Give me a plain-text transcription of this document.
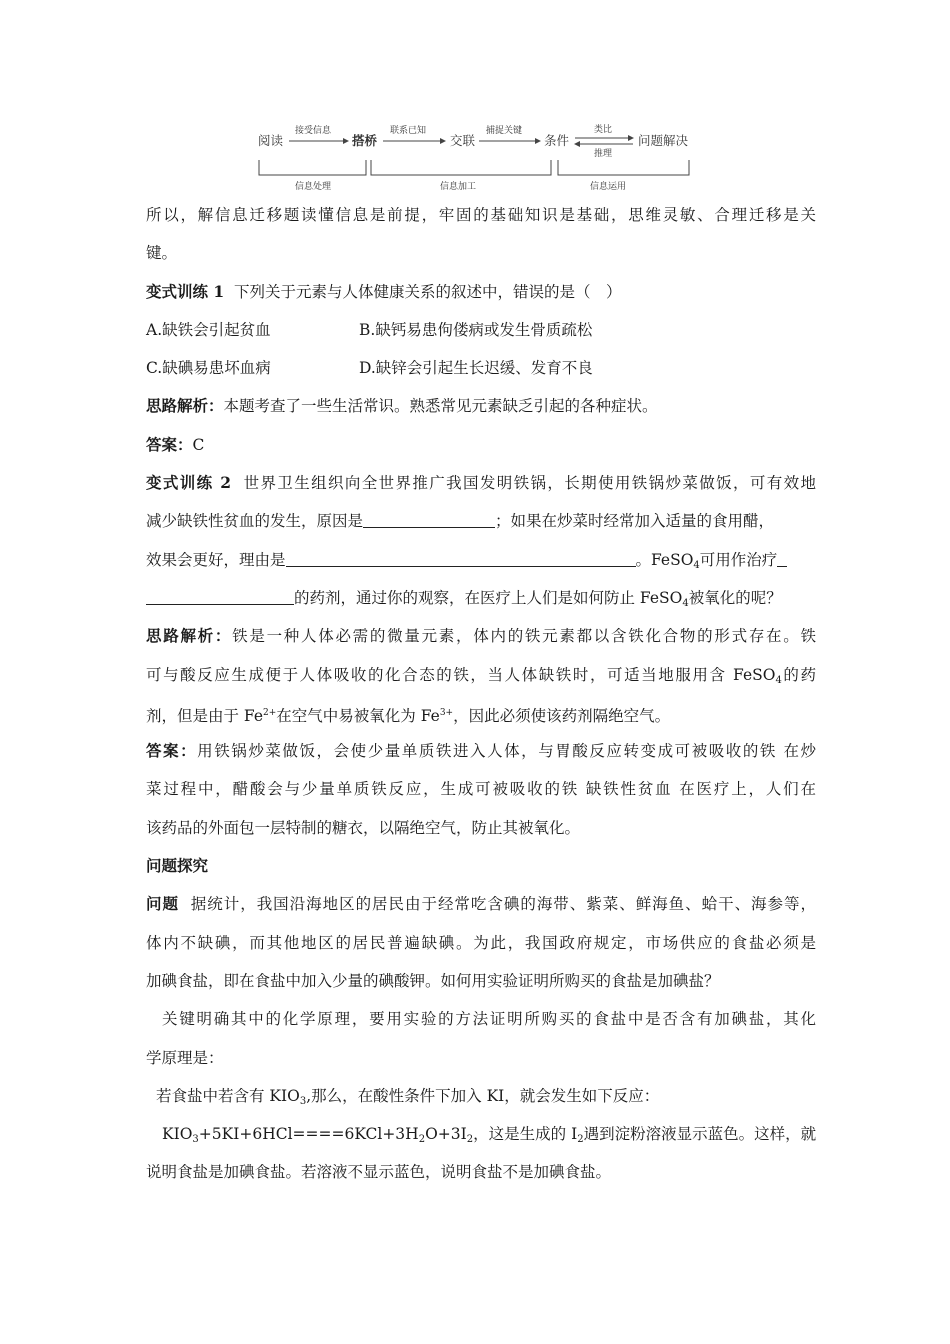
阅读	搭桥	交联	条件	问题解决
接受信息	联系已知	捕捉关键	类比
推理
信息处理	信息加工	信息运用
所以，解信息迁移题读懂信息是前提，牢固的基础知识是基础，思维灵敏、合理迁移是关
键。
变式训练 1 下列关于元素与人体健康关系的叙述中，错误的是（　）
A.缺铁会引起贫血	B.缺钙易患佝偻病或发生骨质疏松
C.缺碘易患坏血病	D.缺锌会引起生长迟缓、发育不良
思路解析：本题考查了一些生活常识。熟悉常见元素缺乏引起的各种症状。
答案：C
变式训练 2 世界卫生组织向全世界推广我国发明铁锅，长期使用铁锅炒菜做饭，可有效地
减少缺铁性贫血的发生，原因是	；如果在炒菜时经常加入适量的食用醋，
效果会更好，理由是	。FeSO$_4$可用作治疗
的药剂，通过你的观察，在医疗上人们是如何防止 FeSO$_4$被氧化的呢？
思路解析：铁是一种人体必需的微量元素，体内的铁元素都以含铁化合物的形式存在。铁
可与酸反应生成便于人体吸收的化合态的铁，当人体缺铁时，可适当地服用含 FeSO$_4$的药
剂，但是由于 $Fe^{2+}$在空气中易被氧化为 $Fe^{3+}$，因此必须使该药剂隔绝空气。
答案：用铁锅炒菜做饭，会使少量单质铁进入人体，与胃酸反应转变成可被吸收的铁 在炒
菜过程中，醋酸会与少量单质铁反应，生成可被吸收的铁 缺铁性贫血 在医疗上，人们在
该药品的外面包一层特制的糖衣，以隔绝空气，防止其被氧化。
问题探究
问题 据统计，我国沿海地区的居民由于经常吃含碘的海带、紫菜、鲜海鱼、蛤干、海参等，
体内不缺碘，而其他地区的居民普遍缺碘。为此，我国政府规定，市场供应的食盐必须是
加碘食盐，即在食盐中加入少量的碘酸钾。如何用实验证明所购买的食盐是加碘盐？
关键明确其中的化学原理，要用实验的方法证明所购买的食盐中是否含有加碘盐，其化
学原理是：
若食盐中若含有 $KIO_3$,那么，在酸性条件下加入 KI，就会发生如下反应：
$KIO_3+5KI+6HCl====6KCl+3H_2O+3I_2$，这是生成的 $I_2$遇到淀粉溶液显示蓝色。这样，就
说明食盐是加碘食盐。若溶液不显示蓝色，说明食盐不是加碘食盐。
